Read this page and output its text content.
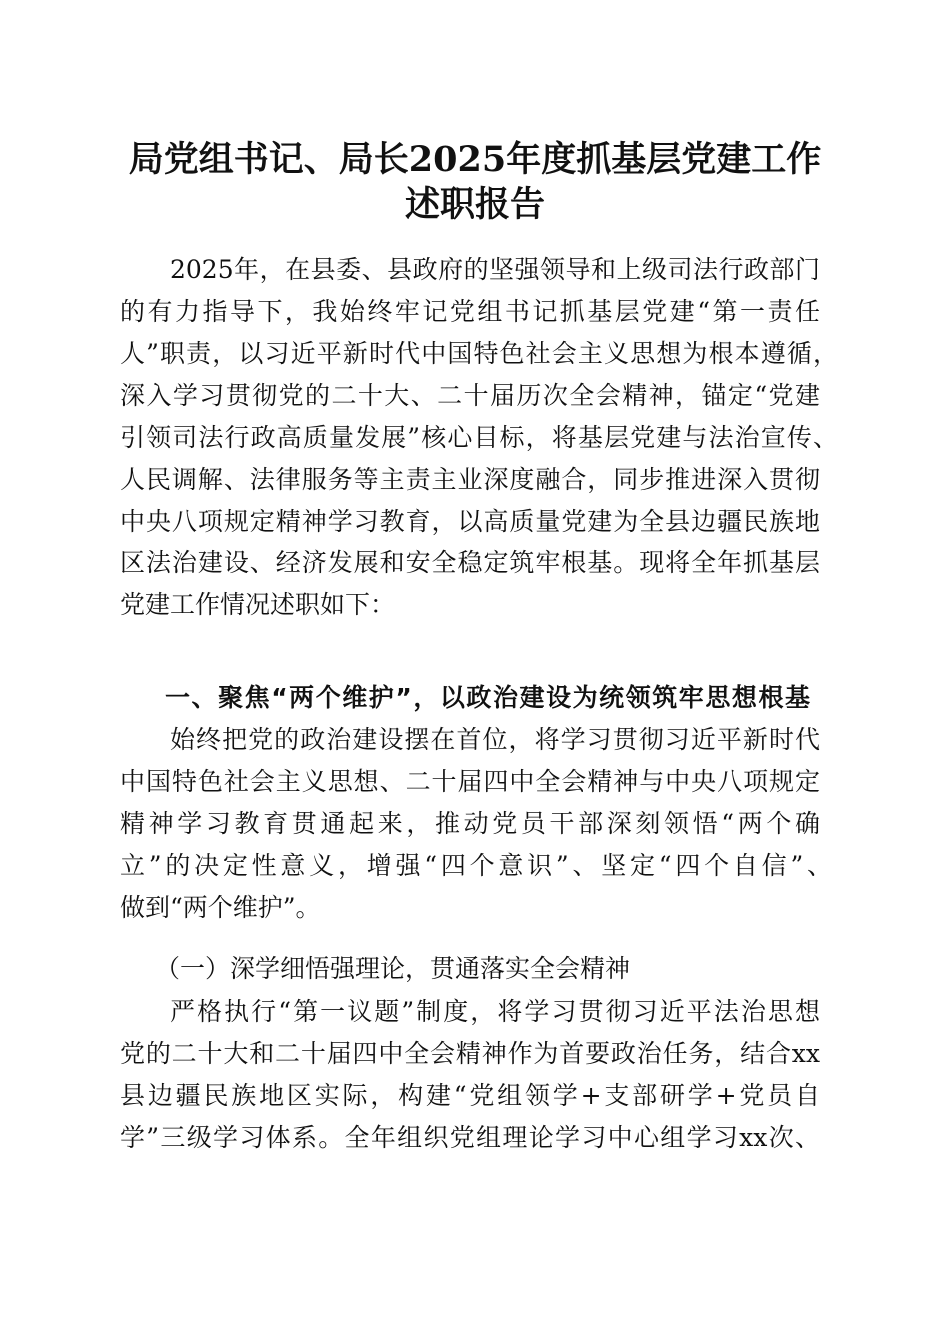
局党组书记、局长2025年度抓基层党建工作
述职报告
2025年，在县委、县政府的坚强领导和上级司法行政部门
的有力指导下，我始终牢记党组书记抓基层党建“第一责任
人”职责，以习近平新时代中国特色社会主义思想为根本遵循，
深入学习贯彻党的二十大、二十届历次全会精神，锚定“党建
引领司法行政高质量发展”核心目标，将基层党建与法治宣传、
人民调解、法律服务等主责主业深度融合，同步推进深入贯彻
中央八项规定精神学习教育，以高质量党建为全县边疆民族地
区法治建设、经济发展和安全稳定筑牢根基。现将全年抓基层
党建工作情况述职如下：
一、聚焦“两个维护”，以政治建设为统领筑牢思想根基
始终把党的政治建设摆在首位，将学习贯彻习近平新时代
中国特色社会主义思想、二十届四中全会精神与中央八项规定
精神学习教育贯通起来，推动党员干部深刻领悟“两个确
立”的决定性意义，增强“四个意识”、坚定“四个自信”、
做到“两个维护”。
（一）深学细悟强理论，贯通落实全会精神
严格执行“第一议题”制度，将学习贯彻习近平法治思想
党的二十大和二十届四中全会精神作为首要政治任务，结合xx
县边疆民族地区实际，构建“党组领学+支部研学+党员自
学”三级学习体系。全年组织党组理论学习中心组学习xx次、
